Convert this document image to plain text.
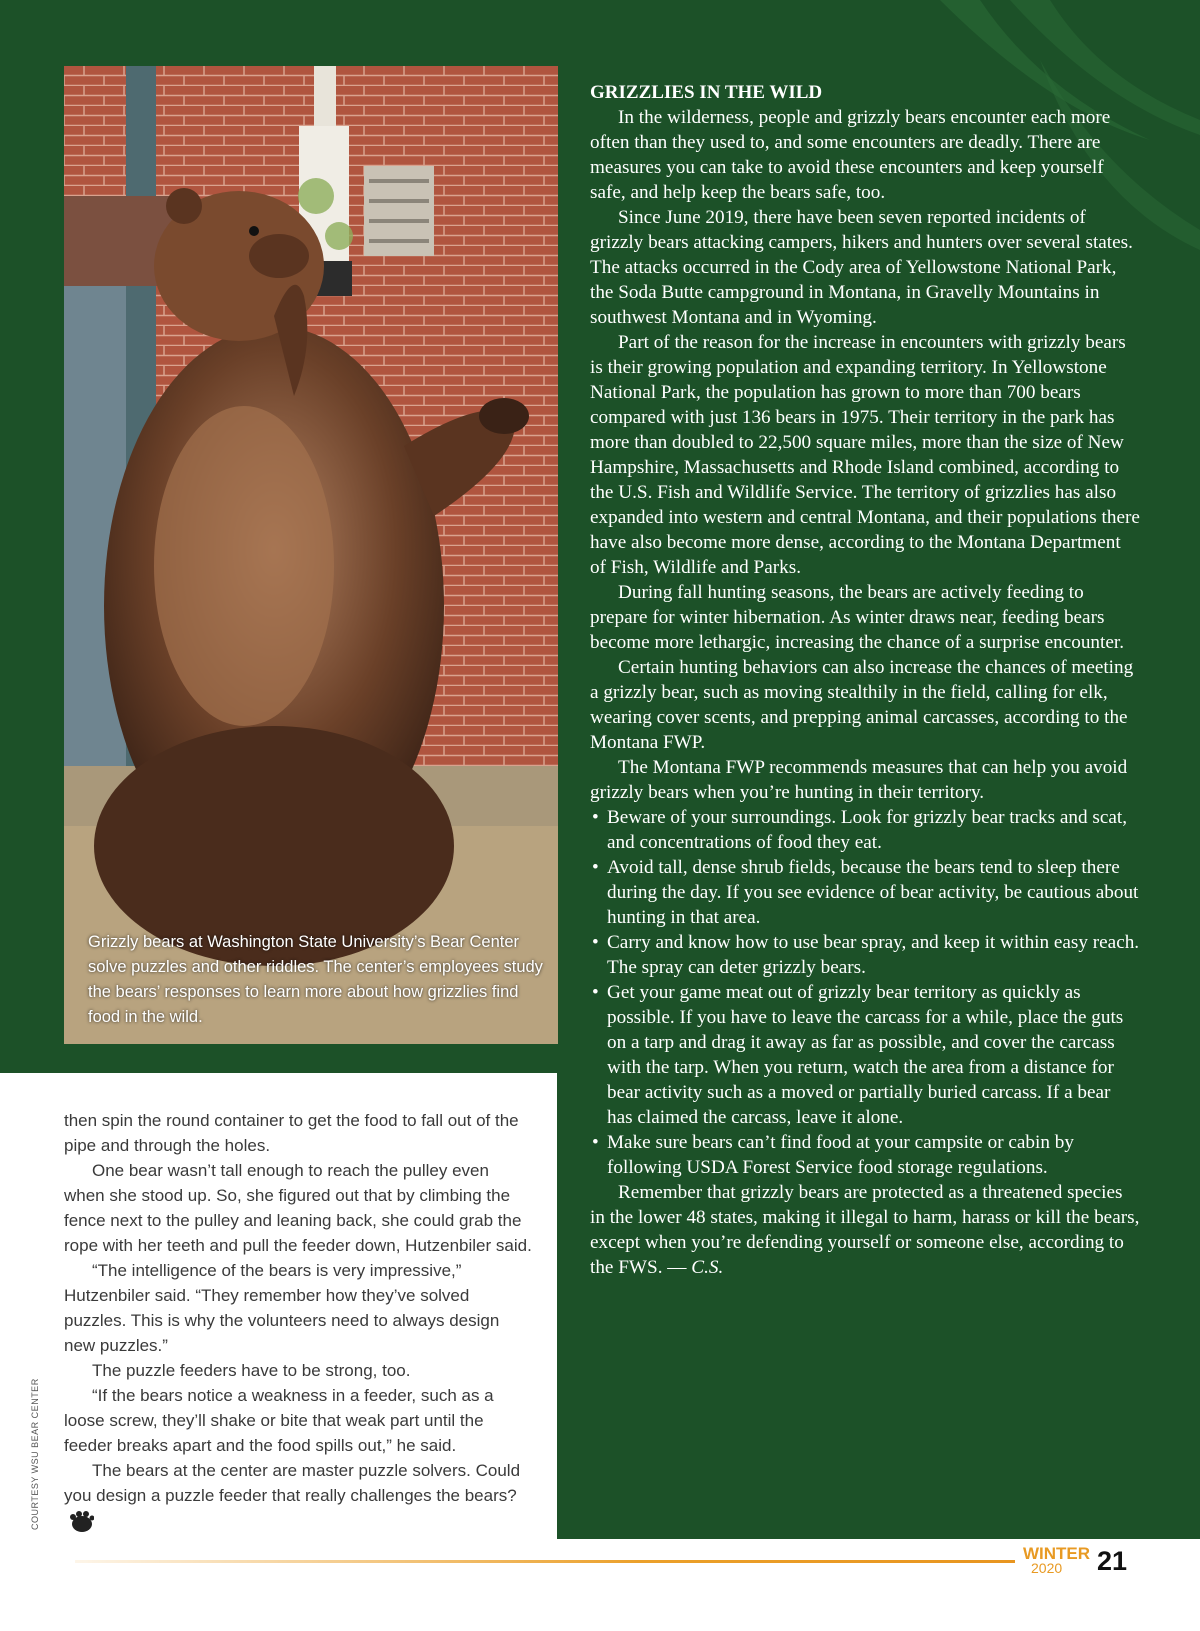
Grizzly bears at Washington State University’s Bear Center solve puzzles and other riddles. The center’s employees study the bears’ responses to learn more about how grizzlies find food in the wild.

GRIZZLIES IN THE WILD

In the wilderness, people and grizzly bears encounter each more often than they used to, and some encounters are deadly. There are measures you can take to avoid these encounters and keep yourself safe, and help keep the bears safe, too.

Since June 2019, there have been seven reported incidents of grizzly bears attacking campers, hikers and hunters over several states. The attacks occurred in the Cody area of Yellowstone National Park, the Soda Butte campground in Montana, in Gravelly Mountains in southwest Montana and in Wyoming.

Part of the reason for the increase in encounters with grizzly bears is their growing population and expanding territory. In Yellowstone National Park, the population has grown to more than 700 bears compared with just 136 bears in 1975. Their territory in the park has more than doubled to 22,500 square miles, more than the size of New Hampshire, Massachusetts and Rhode Island combined, according to the U.S. Fish and Wildlife Service. The territory of grizzlies has also expanded into western and central Montana, and their populations there have also become more dense, according to the Montana Department of Fish, Wildlife and Parks.

During fall hunting seasons, the bears are actively feeding to prepare for winter hibernation. As winter draws near, feeding bears become more lethargic, increasing the chance of a surprise encounter.

Certain hunting behaviors can also increase the chances of meeting a grizzly bear, such as moving stealthily in the field, calling for elk, wearing cover scents, and prepping animal carcasses, according to the Montana FWP.

The Montana FWP recommends measures that can help you avoid grizzly bears when you’re hunting in their territory.

• Beware of your surroundings. Look for grizzly bear tracks and scat, and concentrations of food they eat.
• Avoid tall, dense shrub fields, because the bears tend to sleep there during the day. If you see evidence of bear activity, be cautious about hunting in that area.
• Carry and know how to use bear spray, and keep it within easy reach. The spray can deter grizzly bears.
• Get your game meat out of grizzly bear territory as quickly as possible. If you have to leave the carcass for a while, place the guts on a tarp and drag it away as far as possible, and cover the carcass with the tarp. When you return, watch the area from a distance for bear activity such as a moved or partially buried carcass. If a bear has claimed the carcass, leave it alone.
• Make sure bears can’t find food at your campsite or cabin by following USDA Forest Service food storage regulations.

Remember that grizzly bears are protected as a threatened species in the lower 48 states, making it illegal to harm, harass or kill the bears, except when you’re defending yourself or someone else, according to the FWS. — C.S.

then spin the round container to get the food to fall out of the pipe and through the holes.

One bear wasn’t tall enough to reach the pulley even when she stood up. So, she figured out that by climbing the fence next to the pulley and leaning back, she could grab the rope with her teeth and pull the feeder down, Hutzenbiler said.

“The intelligence of the bears is very impressive,” Hutzenbiler said. “They remember how they’ve solved puzzles. This is why the volunteers need to always design new puzzles.”

The puzzle feeders have to be strong, too.

“If the bears notice a weakness in a feeder, such as a loose screw, they’ll shake or bite that weak part until the feeder breaks apart and the food spills out,” he said.

The bears at the center are master puzzle solvers. Could you design a puzzle feeder that really challenges the bears?

COURTESY WSU BEAR CENTER
WINTER
2020 21
